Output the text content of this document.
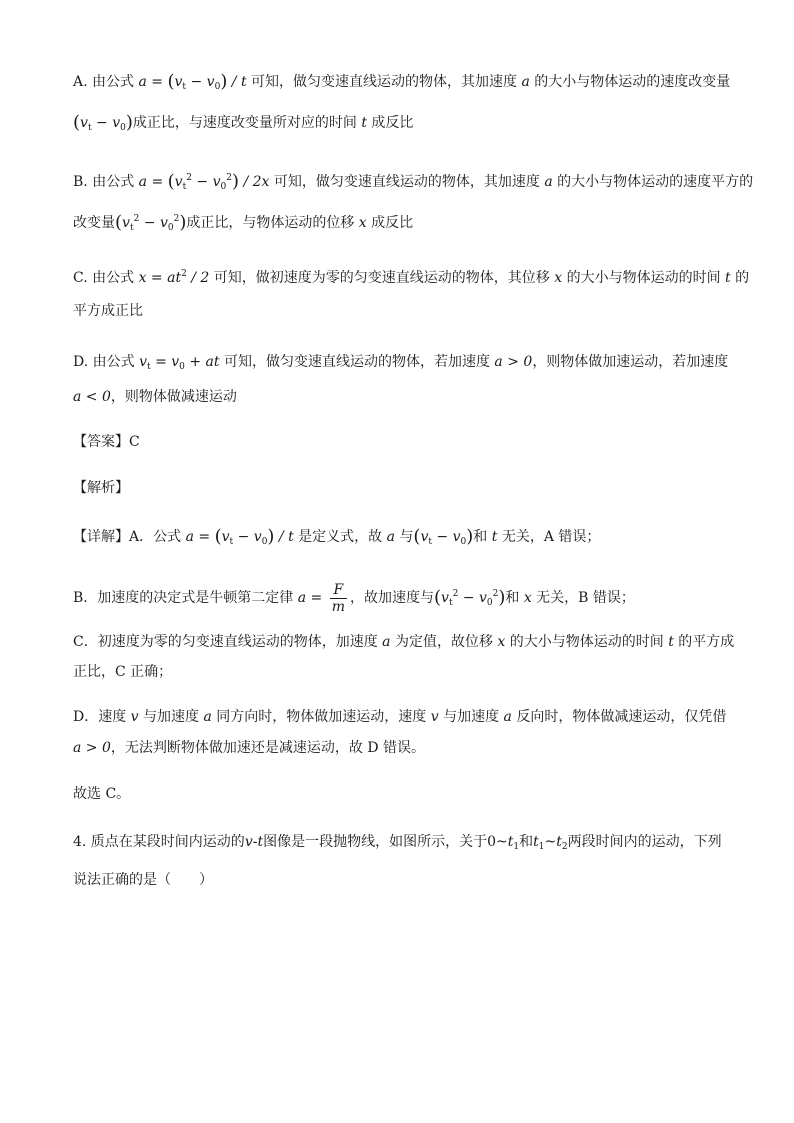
A. 由公式 $a = (v_t - v_0) / t$ 可知，做匀变速直线运动的物体，其加速度 a 的大小与物体运动的速度改变量
$(v_t - v_0)$成正比，与速度改变量所对应的时间 t 成反比
B. 由公式 $a = (v_t^2 - v_0^2) / 2x$ 可知，做匀变速直线运动的物体，其加速度 a 的大小与物体运动的速度平方的
改变量$(v_t^2 - v_0^2)$成正比，与物体运动的位移 x 成反比
C. 由公式 $x = at^2 / 2$ 可知，做初速度为零的匀变速直线运动的物体，其位移 x 的大小与物体运动的时间 t 的
平方成正比
D. 由公式 $v_t = v_0$ + at 可知，做匀变速直线运动的物体，若加速度 a > 0，则物体做加速运动，若加速度
a < 0，则物体做减速运动
【答案】C
【解析】
【详解】A．公式 $a = (v_t - v_0) / t$ 是定义式，故 a 与$(v_t - v_0)$和 t 无关，A 错误；
B．加速度的决定式是牛顿第二定律 $a = \frac{F}{m}$ ，故加速度与$(v_t^2 - v_0^2)$和 x 无关，B 错误；
C．初速度为零的匀变速直线运动的物体，加速度 a 为定值，故位移 x 的大小与物体运动的时间 t 的平方成
正比，C 正确；
D．速度 v 与加速度 a 同方向时，物体做加速运动，速度 v 与加速度 a 反向时，物体做减速运动，仅凭借
a > 0，无法判断物体做加速还是减速运动，故 D 错误。
故选 C。
4. 质点在某段时间内运动的v-t图像是一段抛物线，如图所示，关于$0\sim t_1$和$t_1\sim t_2$两段时间内的运动，下列
说法正确的是（　　）
